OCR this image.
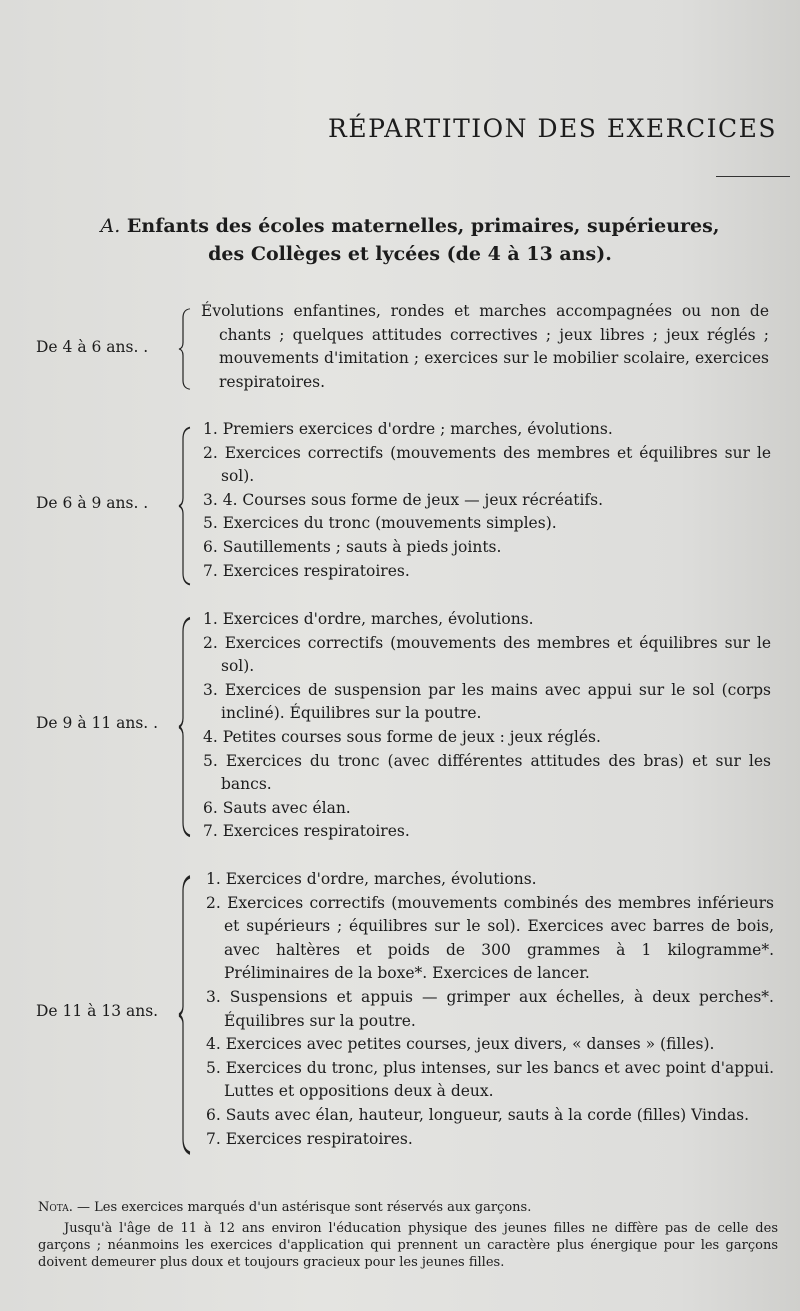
RÉPARTITION DES EXERCICES
A. Enfants des écoles maternelles, primaires, supérieures,
des Collèges et lycées (de 4 à 13 ans).
De 4 à 6 ans. .
Évolutions enfantines, rondes et marches accompagnées ou non de chants ; quelques attitudes correctives ; jeux libres ; jeux réglés ; mouvements d'imitation ; exercices sur le mobilier scolaire, exercices respiratoires.
De 6 à 9 ans. .
1. Premiers exercices d'ordre ; marches, évolutions.
2. Exercices correctifs (mouvements des membres et équilibres sur le sol).
3. 4. Courses sous forme de jeux — jeux récréatifs.
5. Exercices du tronc (mouvements simples).
6. Sautillements ; sauts à pieds joints.
7. Exercices respiratoires.
De 9 à 11 ans. .
1. Exercices d'ordre, marches, évolutions.
2. Exercices correctifs (mouvements des membres et équilibres sur le sol).
3. Exercices de suspension par les mains avec appui sur le sol (corps incliné). Équilibres sur la poutre.
4. Petites courses sous forme de jeux : jeux réglés.
5. Exercices du tronc (avec différentes attitudes des bras) et sur les bancs.
6. Sauts avec élan.
7. Exercices respiratoires.
De 11 à 13 ans.
1. Exercices d'ordre, marches, évolutions.
2. Exercices correctifs (mouvements combinés des membres inférieurs et supérieurs ; équilibres sur le sol). Exercices avec barres de bois, avec haltères et poids de 300 grammes à 1 kilogramme*. Préliminaires de la boxe*. Exercices de lancer.
3. Suspensions et appuis — grimper aux échelles, à deux perches*. Équilibres sur la poutre.
4. Exercices avec petites courses, jeux divers, « danses » (filles).
5. Exercices du tronc, plus intenses, sur les bancs et avec point d'appui. Luttes et oppositions deux à deux.
6. Sauts avec élan, hauteur, longueur, sauts à la corde (filles) Vindas.
7. Exercices respiratoires.

Nota. — Les exercices marqués d'un astérisque sont réservés aux garçons.

Jusqu'à l'âge de 11 à 12 ans environ l'éducation physique des jeunes filles ne diffère pas de celle des garçons ; néanmoins les exercices d'application qui prennent un caractère plus énergique pour les garçons doivent demeurer plus doux et toujours gracieux pour les jeunes filles.
